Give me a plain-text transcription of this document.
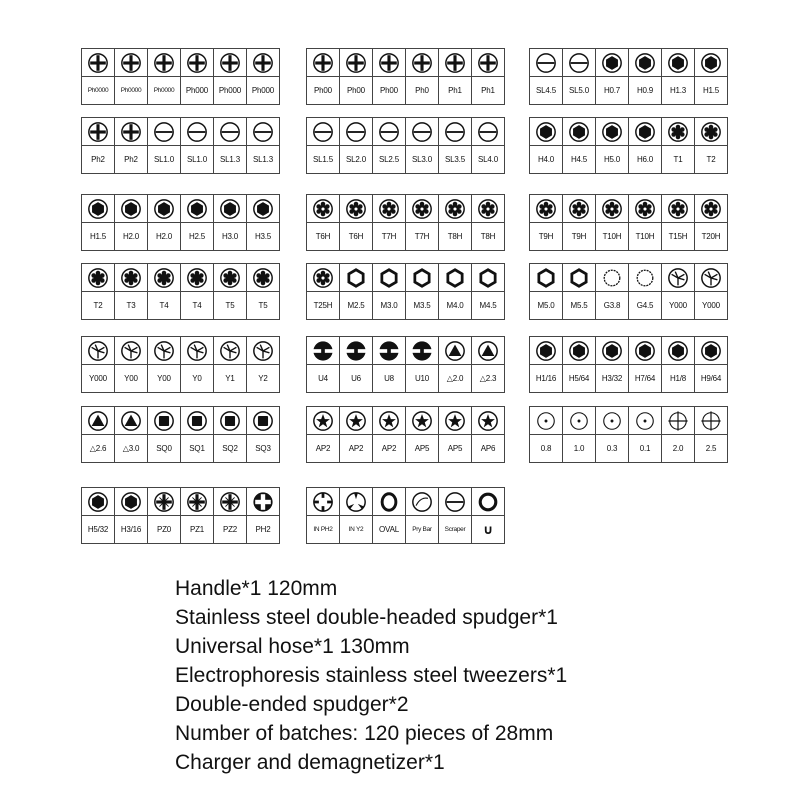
Ph0000	Ph0000	Ph0000	Ph000	Ph000	Ph000	Ph00	Ph00	Ph00	Ph0	Ph1	Ph1	SL4.5	SL5.0	H0.7	H0.9	H1.3	H1.5
Ph2	Ph2	SL1.0	SL1.0	SL1.3	SL1.3	SL1.5	SL2.0	SL2.5	SL3.0	SL3.5	SL4.0	H4.0	H4.5	H5.0	H6.0	T1	T2
H1.5	H2.0	H2.0	H2.5	H3.0	H3.5	T6H	T6H	T7H	T7H	T8H	T8H	T9H	T9H	T10H	T10H	T15H	T20H
T2	T3	T4	T4	T5	T5	T25H	M2.5	M3.0	M3.5	M4.0	M4.5	M5.0	M5.5	G3.8	G4.5	Y000	Y000
Y000	Y00	Y00	Y0	Y1	Y2	U4	U6	U8	U10	△2.0	△2.3	H1/16	H5/64	H3/32	H7/64	H1/8	H9/64
△2.6	△3.0	SQ0	SQ1	SQ2	SQ3	AP2	AP2	AP2	AP5	AP5	AP6	0.8	1.0	0.3	0.1	2.0	2.5
H5/32	H3/16	PZ0	PZ1	PZ2	PH2	IN PH2	IN Y2	OVAL	Pry Bar	Scraper	∪
Handle*1 120mm
Stainless steel double-headed spudger*1
Universal hose*1 130mm
Electrophoresis stainless steel tweezers*1
Double-ended spudger*2
Number of batches: 120 pieces of 28mm
Charger and demagnetizer*1
